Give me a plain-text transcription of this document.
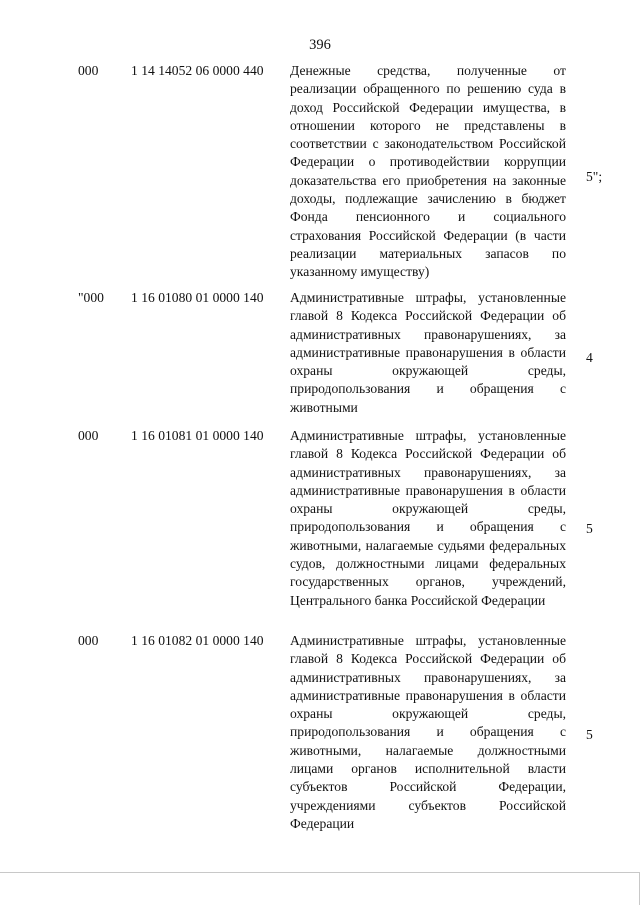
396
000 1 14 14052 06 0000 440 Денежные средства, полученные от реализации обращенного по решению суда в доход Российской Федерации имущества, в отношении которого не представлены в соответствии с законодательством Российской Федерации о противодействии коррупции доказательства его приобретения на законные доходы, подлежащие зачислению в бюджет Фонда пенсионного и социального страхования Российской Федерации (в части реализации материальных запасов по указанному имуществу)
5";
"000 1 16 01080 01 0000 140 Административные штрафы, установленные главой 8 Кодекса Российской Федерации об административных правонарушениях, за административные правонарушения в области охраны окружающей среды, природопользования и обращения с животными
4
000 1 16 01081 01 0000 140 Административные штрафы, установленные главой 8 Кодекса Российской Федерации об административных правонарушениях, за административные правонарушения в области охраны окружающей среды, природопользования и обращения с животными, налагаемые судьями федеральных судов, должностными лицами федеральных государственных органов, учреждений, Центрального банка Российской Федерации
5
000 1 16 01082 01 0000 140 Административные штрафы, установленные главой 8 Кодекса Российской Федерации об административных правонарушениях, за административные правонарушения в области охраны окружающей среды, природопользования и обращения с животными, налагаемые должностными лицами органов исполнительной власти субъектов Российской Федерации, учреждениями субъектов Российской Федерации
5
